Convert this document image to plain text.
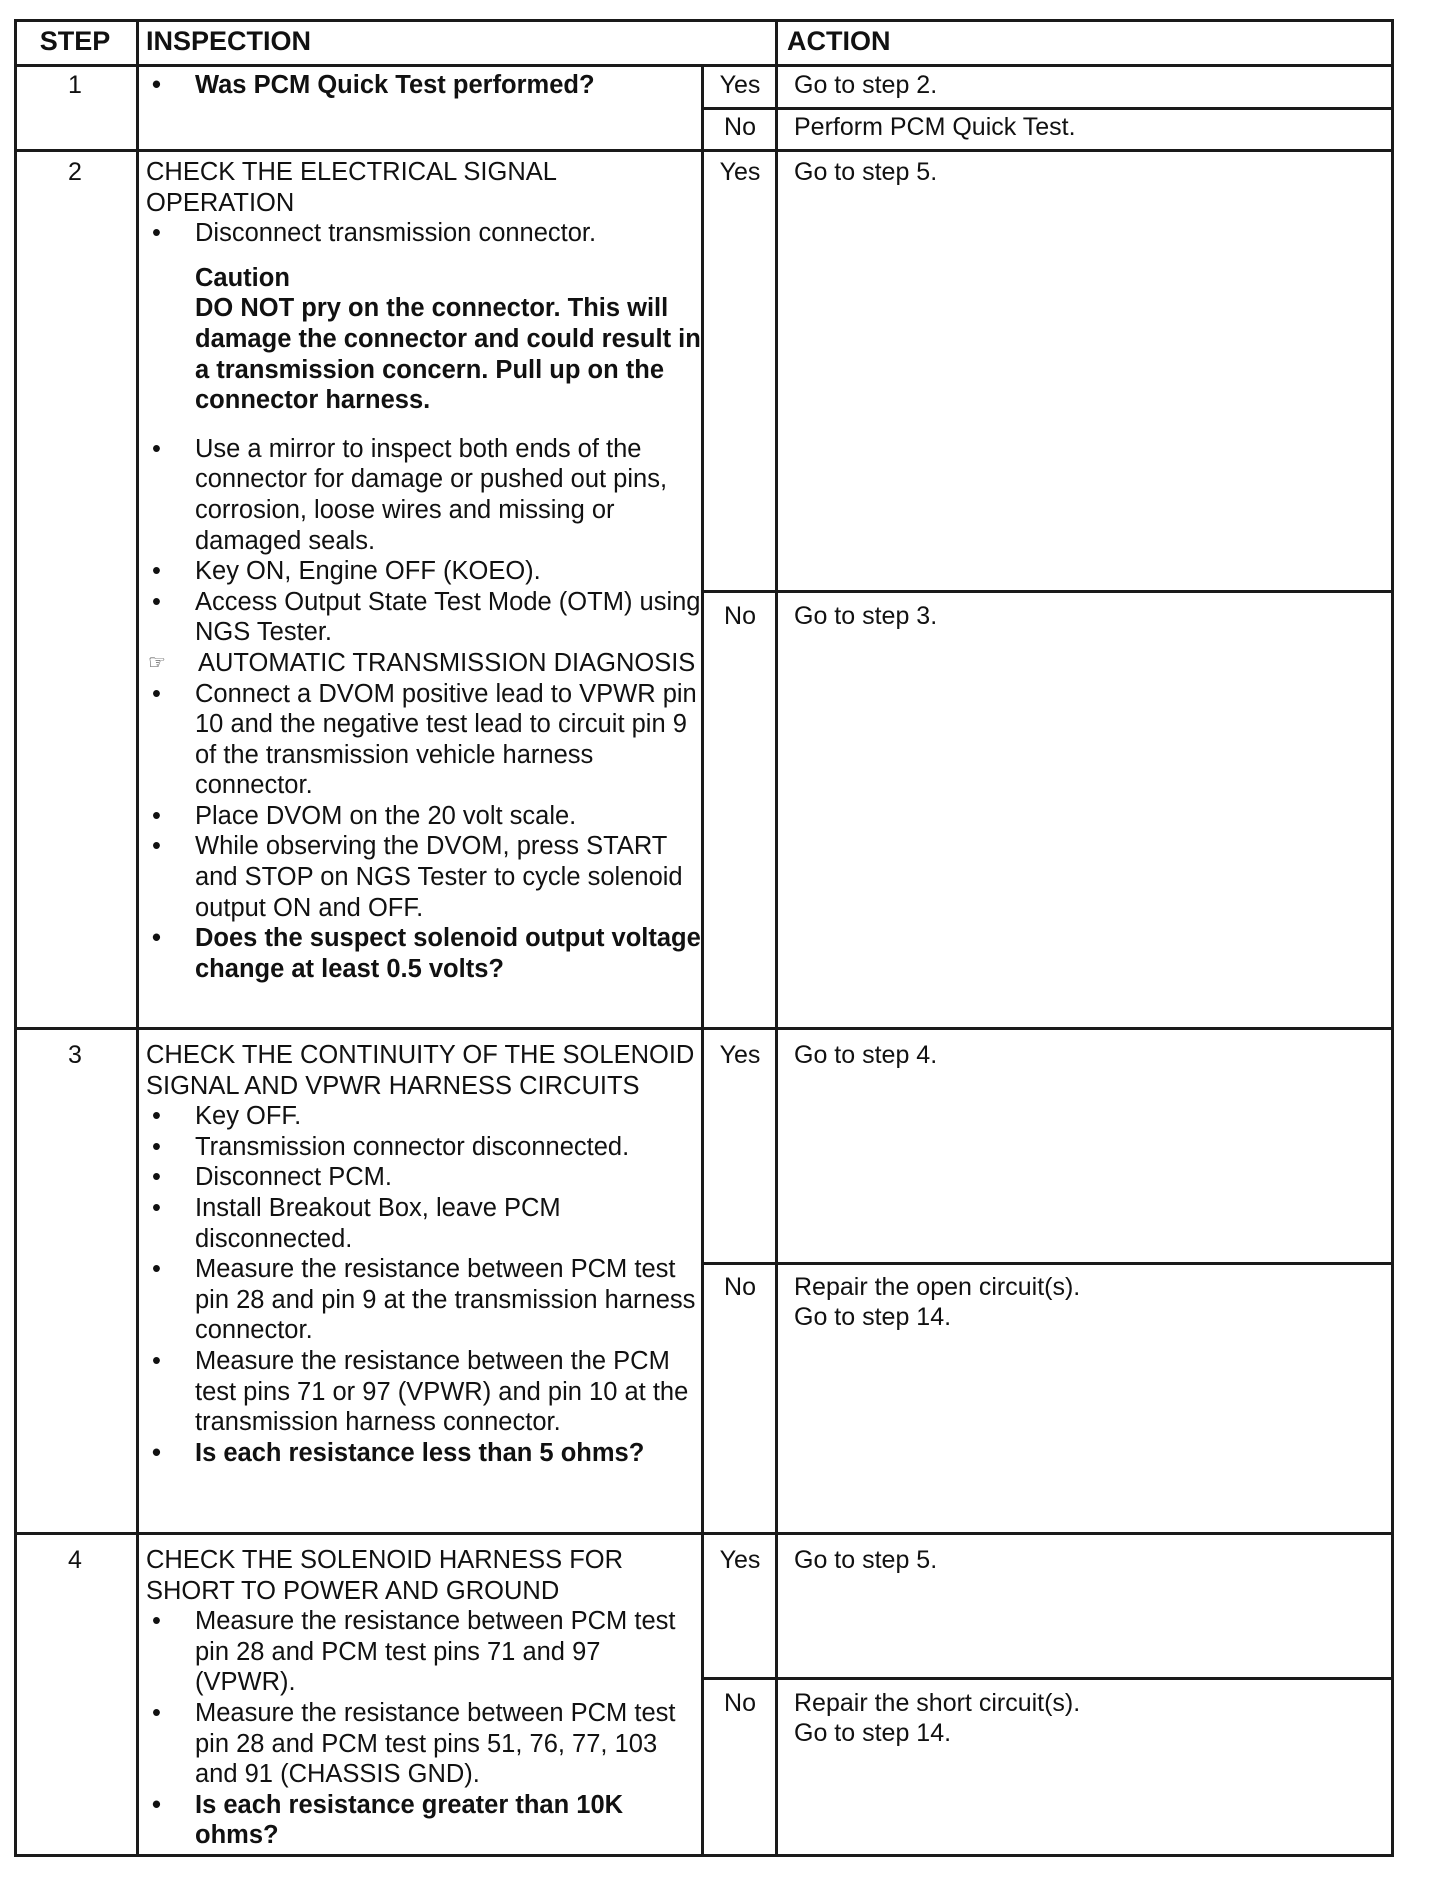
STEP	INSPECTION	ACTION
1	•	Was PCM Quick Test performed?	Yes	Go to step 2.
No	Perform PCM Quick Test.
2	CHECK THE ELECTRICAL SIGNAL OPERATION

•	Disconnect transmission connector.

Caution
DO NOT pry on the connector. This will damage the connector and could result in a transmission concern. Pull up on the connector harness.

•	Use a mirror to inspect both ends of the connector for damage or pushed out pins, corrosion, loose wires and missing or damaged seals.

•	Key ON, Engine OFF (KOEO).

•	Access Output State Test Mode (OTM) using NGS Tester.

☞ AUTOMATIC TRANSMISSION DIAGNOSIS

•	Connect a DVOM positive lead to VPWR pin 10 and the negative test lead to circuit pin 9 of the transmission vehicle harness connector.

•	Place DVOM on the 20 volt scale.

•	While observing the DVOM, press START and STOP on NGS Tester to cycle solenoid output ON and OFF.

•	Does the suspect solenoid output voltage change at least 0.5 volts?

Yes	Go to step 5.
No	Go to step 3.
3	CHECK THE CONTINUITY OF THE SOLENOID SIGNAL AND VPWR HARNESS CIRCUITS

•	Key OFF.

•	Transmission connector disconnected.

•	Disconnect PCM.

•	Install Breakout Box, leave PCM disconnected.

•	Measure the resistance between PCM test pin 28 and pin 9 at the transmission harness connector.

•	Measure the resistance between the PCM test pins 71 or 97 (VPWR) and pin 10 at the transmission harness connector.

•	Is each resistance less than 5 ohms?

Yes	Go to step 4.
No	Repair the open circuit(s).
Go to step 14.
4	CHECK THE SOLENOID HARNESS FOR SHORT TO POWER AND GROUND

•	Measure the resistance between PCM test pin 28 and PCM test pins 71 and 97 (VPWR).

•	Measure the resistance between PCM test pin 28 and PCM test pins 51, 76, 77, 103 and 91 (CHASSIS GND).

•	Is each resistance greater than 10K ohms?

Yes	Go to step 5.
No	Repair the short circuit(s).
Go to step 14.
